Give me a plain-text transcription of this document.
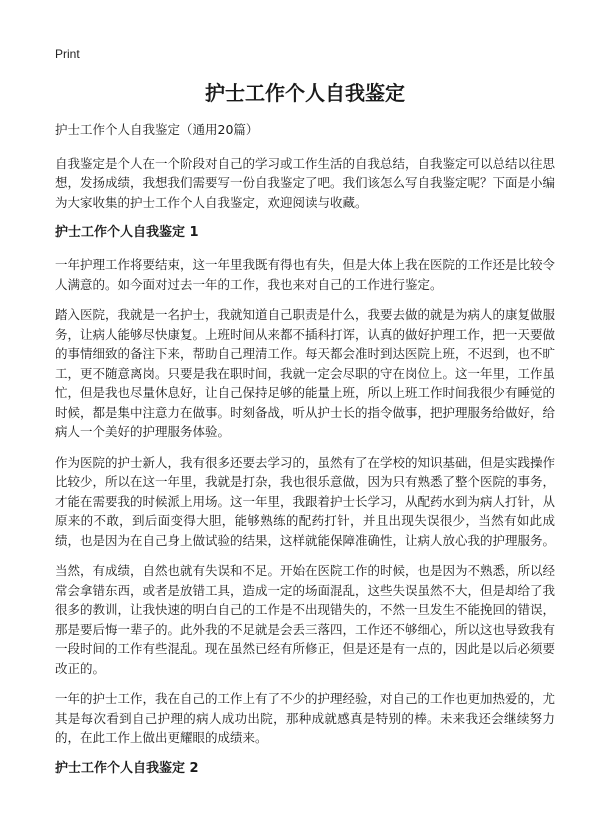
Print
护士工作个人自我鉴定

护士工作个人自我鉴定（通用20篇）

自我鉴定是个人在一个阶段对自己的学习或工作生活的自我总结，自我鉴定可以总结以往思想，发扬成绩，我想我们需要写一份自我鉴定了吧。我们该怎么写自我鉴定呢？下面是小编为大家收集的护士工作个人自我鉴定，欢迎阅读与收藏。

护士工作个人自我鉴定 1

一年护理工作将要结束，这一年里我既有得也有失，但是大体上我在医院的工作还是比较令人满意的。如今面对过去一年的工作，我也来对自己的工作进行鉴定。

踏入医院，我就是一名护士，我就知道自己职责是什么，我要去做的就是为病人的康复做服务，让病人能够尽快康复。上班时间从来都不插科打诨，认真的做好护理工作，把一天要做的事情细致的备注下来，帮助自己理清工作。每天都会准时到达医院上班，不迟到，也不旷工，更不随意离岗。只要是我在职时间，我就一定会尽职的守在岗位上。这一年里，工作虽忙，但是我也尽量休息好，让自己保持足够的能量上班，所以上班工作时间我很少有睡觉的时候，都是集中注意力在做事。时刻备战，听从护士长的指令做事，把护理服务给做好，给病人一个美好的护理服务体验。

作为医院的护士新人，我有很多还要去学习的，虽然有了在学校的知识基础，但是实践操作比较少，所以在这一年里，我就是打杂，我也很乐意做，因为只有熟悉了整个医院的事务，才能在需要我的时候派上用场。这一年里，我跟着护士长学习，从配药水到为病人打针，从原来的不敢，到后面变得大胆，能够熟练的配药打针，并且出现失误很少，当然有如此成绩，也是因为在自己身上做试验的结果，这样就能保障准确性，让病人放心我的护理服务。

当然，有成绩，自然也就有失误和不足。开始在医院工作的时候，也是因为不熟悉，所以经常会拿错东西，或者是放错工具，造成一定的场面混乱，这些失误虽然不大，但是却给了我很多的教训，让我快速的明白自己的工作是不出现错失的，不然一旦发生不能挽回的错误，那是要后悔一辈子的。此外我的不足就是会丢三落四，工作还不够细心，所以这也导致我有一段时间的工作有些混乱。现在虽然已经有所修正，但是还是有一点的，因此是以后必须要改正的。

一年的护士工作，我在自己的工作上有了不少的护理经验，对自己的工作也更加热爱的，尤其是每次看到自己护理的病人成功出院，那种成就感真是特别的棒。未来我还会继续努力的，在此工作上做出更耀眼的成绩来。

护士工作个人自我鉴定 2
